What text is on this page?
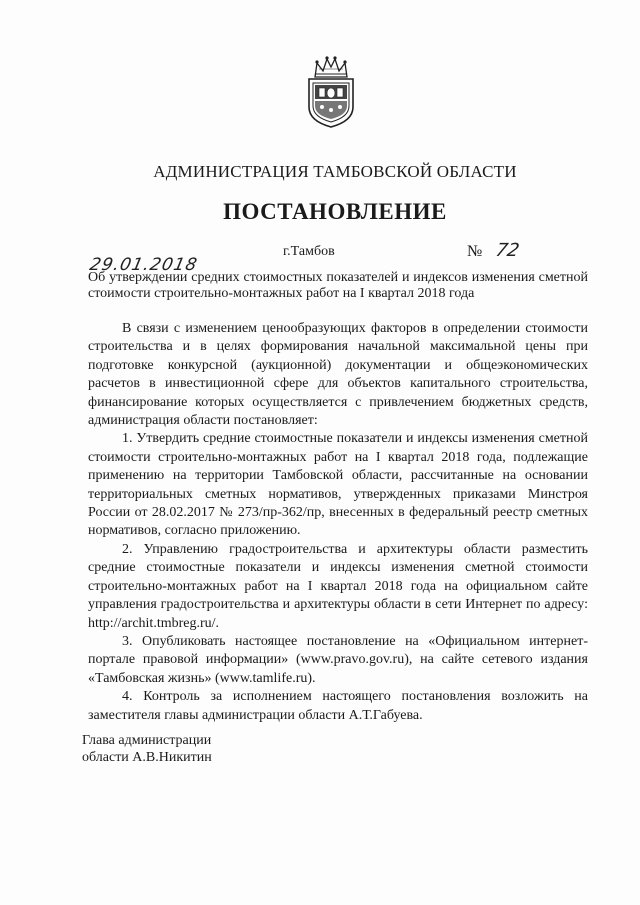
АДМИНИСТРАЦИЯ ТАМБОВСКОЙ ОБЛАСТИ
ПОСТАНОВЛЕНИЕ
29.01.2018
г.Тамбов	№ 72
Об утверждении средних стоимостных показателей и индексов изменения сметной стоимости строительно-монтажных работ на I квартал 2018 года

В связи с изменением ценообразующих факторов в определении стоимости строительства и в целях формирования начальной максимальной цены при подготовке конкурсной (аукционной) документации и общеэкономических расчетов в инвестиционной сфере для объектов капитального строительства, финансирование которых осуществляется с привлечением бюджетных средств, администрация области постановляет:

1. Утвердить средние стоимостные показатели и индексы изменения сметной стоимости строительно-монтажных работ на I квартал 2018 года, подлежащие применению на территории Тамбовской области, рассчитанные на основании территориальных сметных нормативов, утвержденных приказами Минстроя России от 28.02.2017 № 273/пр-362/пр, внесенных в федеральный реестр сметных нормативов, согласно приложению.

2. Управлению градостроительства и архитектуры области разместить средние стоимостные показатели и индексы изменения сметной стоимости строительно-монтажных работ на I квартал 2018 года на официальном сайте управления градостроительства и архитектуры области в сети Интернет по адресу: http://archit.tmbreg.ru/.

3. Опубликовать настоящее постановление на «Официальном интернет-портале правовой информации» (www.pravo.gov.ru), на сайте сетевого издания «Тамбовская жизнь» (www.tamlife.ru).

4. Контроль за исполнением настоящего постановления возложить на заместителя главы администрации области А.Т.Габуева.

Глава администрации
области А.В.Никитин
